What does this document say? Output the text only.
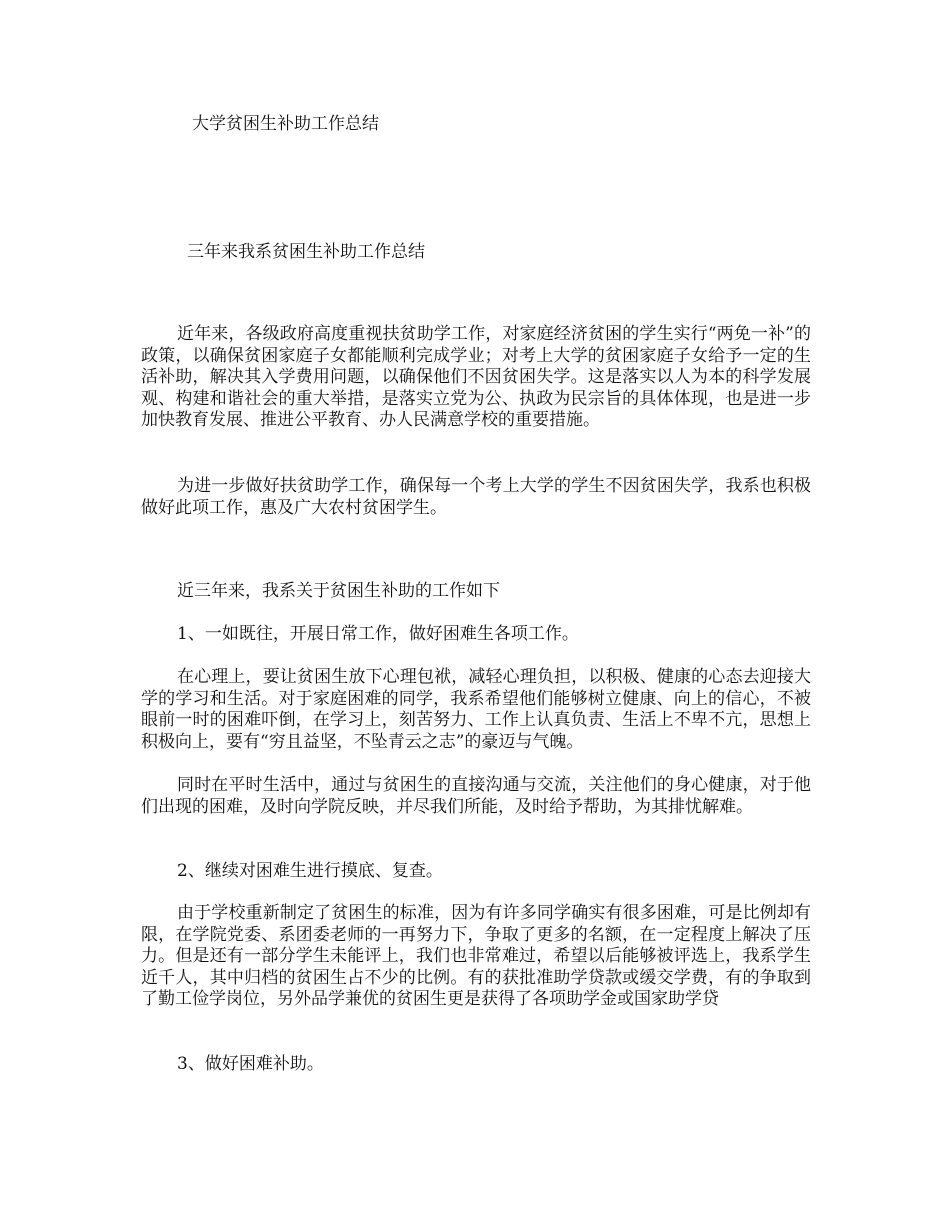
大学贫困生补助工作总结
三年来我系贫困生补助工作总结

近年来，各级政府高度重视扶贫助学工作，对家庭经济贫困的学生实行“两免一补”的政策，以确保贫困家庭子女都能顺利完成学业；对考上大学的贫困家庭子女给予一定的生活补助，解决其入学费用问题，以确保他们不因贫困失学。这是落实以人为本的科学发展观、构建和谐社会的重大举措，是落实立党为公、执政为民宗旨的具体体现，也是进一步加快教育发展、推进公平教育、办人民满意学校的重要措施。

为进一步做好扶贫助学工作，确保每一个考上大学的学生不因贫困失学，我系也积极做好此项工作，惠及广大农村贫困学生。

近三年来，我系关于贫困生补助的工作如下

1、一如既往，开展日常工作，做好困难生各项工作。

在心理上，要让贫困生放下心理包袱，减轻心理负担，以积极、健康的心态去迎接大学的学习和生活。对于家庭困难的同学，我系希望他们能够树立健康、向上的信心，不被眼前一时的困难吓倒，在学习上，刻苦努力、工作上认真负责、生活上不卑不亢，思想上积极向上，要有“穷且益坚，不坠青云之志”的豪迈与气魄。

同时在平时生活中，通过与贫困生的直接沟通与交流，关注他们的身心健康，对于他们出现的困难，及时向学院反映，并尽我们所能，及时给予帮助，为其排忧解难。

2、继续对困难生进行摸底、复查。

由于学校重新制定了贫困生的标准，因为有许多同学确实有很多困难，可是比例却有限，在学院党委、系团委老师的一再努力下，争取了更多的名额，在一定程度上解决了压力。但是还有一部分学生未能评上，我们也非常难过，希望以后能够被评选上，我系学生近千人，其中归档的贫困生占不少的比例。有的获批准助学贷款或缓交学费，有的争取到了勤工俭学岗位，另外品学兼优的贫困生更是获得了各项助学金或国家助学贷

3、做好困难补助。
